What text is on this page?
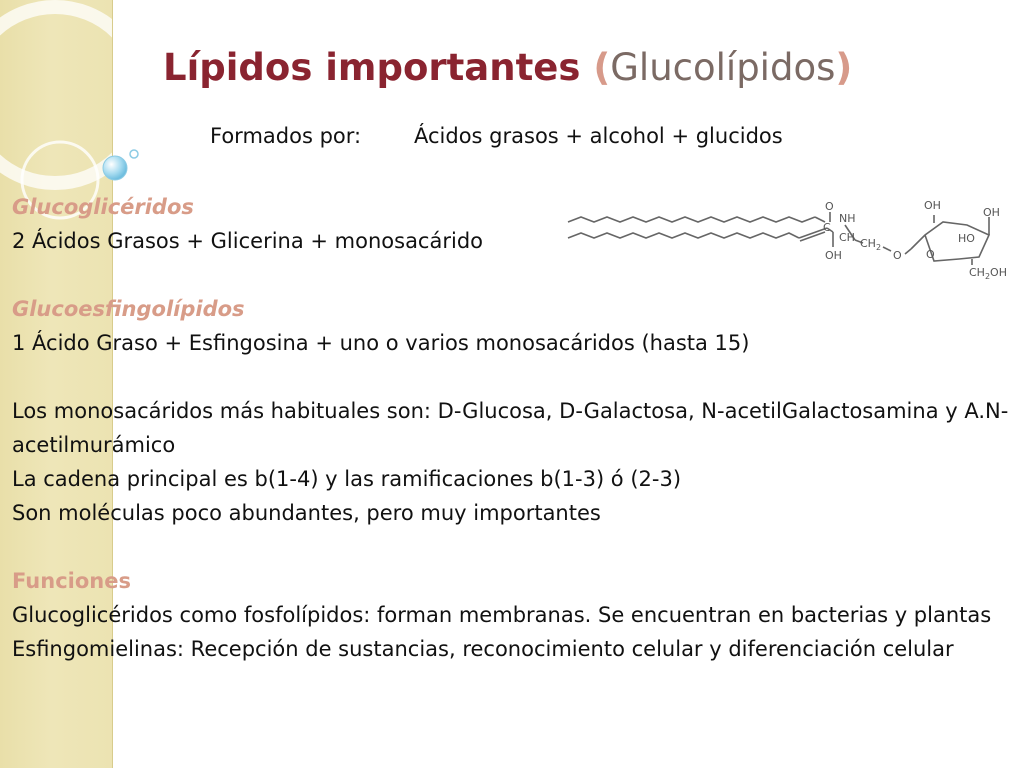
Lípidos importantes (Glucolípidos)
Formados por:	Ácidos grasos + alcohol + glucidos

Glucoglicéridos

2 Ácidos Grasos + Glicerina + monosacárido

Glucoesfingolípidos

1 Ácido Graso + Esfingosina + uno o varios monosacáridos (hasta 15)

Los monosacáridos más habituales son: D-Glucosa, D-Galactosa, N-acetilGalactosamina y A.N-acetilmurámico

La cadena principal es b(1-4) y las ramificaciones b(1-3) ó (2-3)

Son moléculas poco abundantes, pero muy importantes

Funciones

Glucoglicéridos como fosfolípidos: forman membranas. Se encuentran en bacterias y plantas

Esfingomielinas: Recepción de sustancias, reconocimiento celular y diferenciación celular

O
NH
C
CH $CH_2$
OH	O
OH
OH
HO
O
$CH_2OH$
